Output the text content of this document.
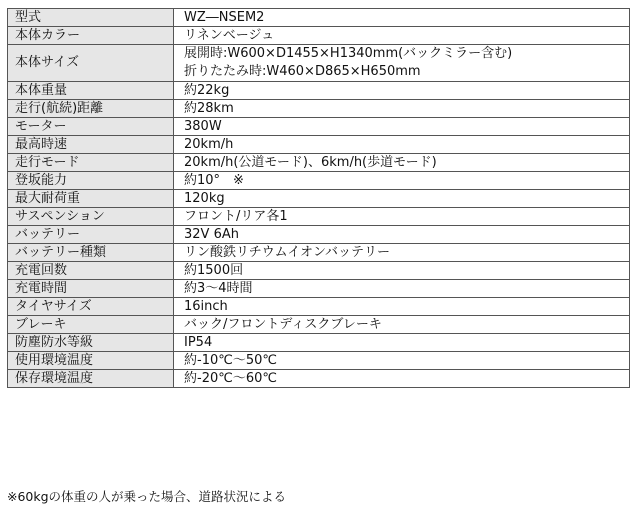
型式	WZ―NSEM2
本体カラー	リネンベージュ
本体サイズ	展開時:W600×D1455×H1340mm(バックミラー含む)
折りたたみ時:W460×D865×H650mm

本体重量	約22kg
走行(航続)距離	約28km
モーター	380W
最高時速	20km/h
走行モード	20km/h(公道モード)、6km/h(歩道モード)
登坂能力	約10°　※
最大耐荷重	120kg
サスペンション	フロント/リア各1
バッテリー	32V 6Ah
バッテリー種類	リン酸鉄リチウムイオンバッテリー
充電回数	約1500回
充電時間	約3～4時間
タイヤサイズ	16inch
ブレーキ	バック/フロントディスクブレーキ
防塵防水等級	IP54
使用環境温度	約-10℃～50℃
保存環境温度	約-20℃～60℃
※60kgの体重の人が乗った場合、道路状況による
